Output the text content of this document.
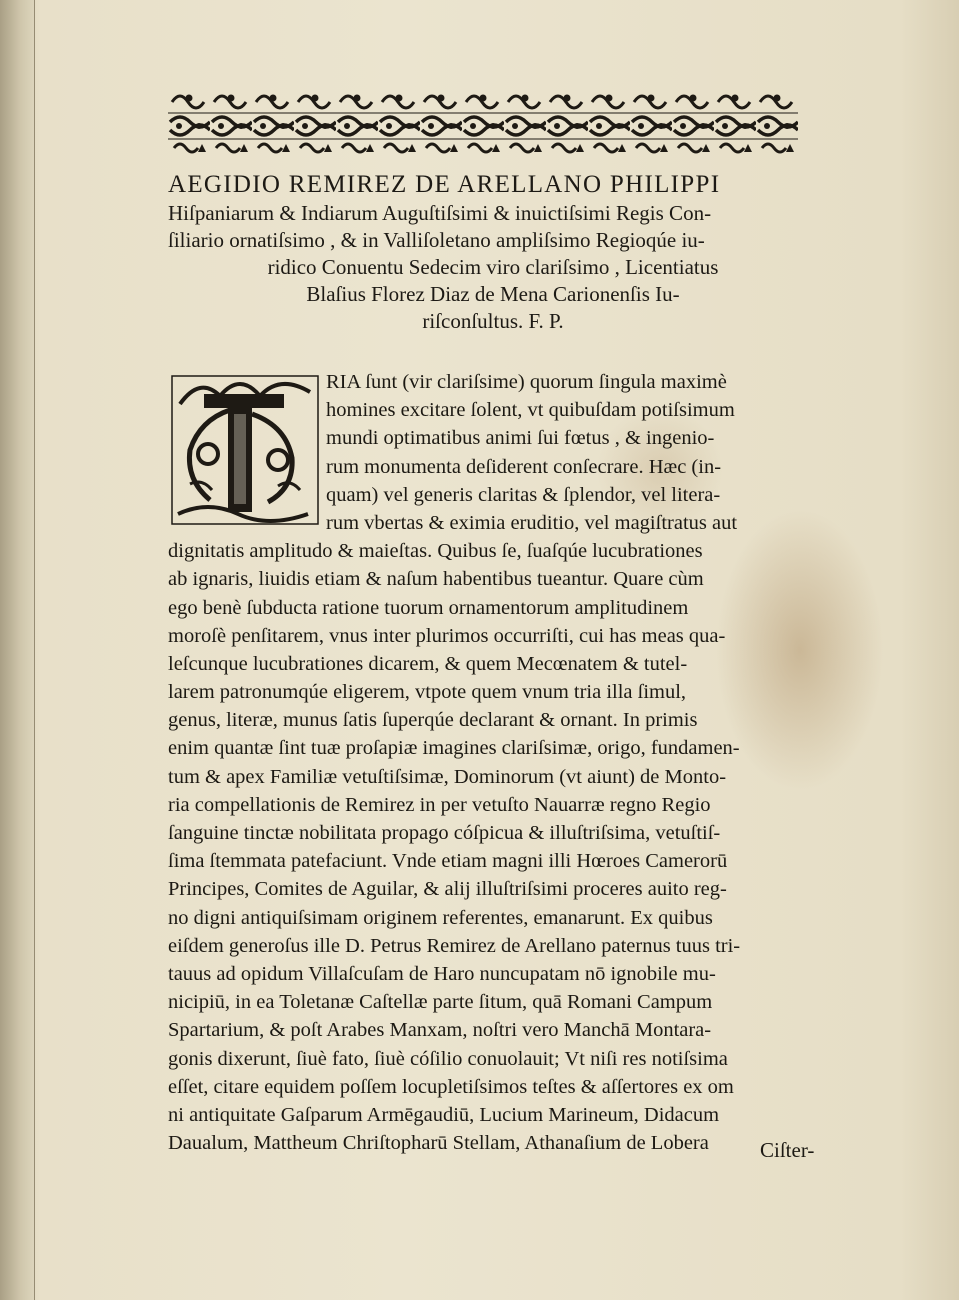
AEGIDIO REMIREZ DE ARELLANO PHILIPPI
Hiſpaniarum & Indiarum Auguſtiſsimi & inuictiſsimi Regis Con-
ſiliario ornatiſsimo , & in Valliſoletano ampliſsimo Regioqúe iu-
ridico Conuentu Sedecim viro clariſsimo , Licentiatus
Blaſius Florez Diaz de Mena Carionenſis Iu-
riſconſultus. F. P.
RIA ſunt (vir clariſsime) quorum ſingula maximè
homines excitare ſolent, vt quibuſdam potiſsimum
mundi optimatibus animi ſui fœtus , & ingenio-
rum monumenta deſiderent conſecrare. Hæc (in-
quam) vel generis claritas & ſplendor, vel litera-
rum vbertas & eximia eruditio, vel magiſtratus aut
dignitatis amplitudo & maieſtas. Quibus ſe, ſuaſqúe lucubrationes
ab ignaris, liuidis etiam & naſum habentibus tueantur. Quare cùm
ego benè ſubducta ratione tuorum ornamentorum amplitudinem
moroſè penſitarem, vnus inter plurimos occurriſti, cui has meas qua-
leſcunque lucubrationes dicarem, & quem Mecœnatem & tutel-
larem patronumqúe eligerem, vtpote quem vnum tria illa ſimul,
genus, literæ, munus ſatis ſuperqúe declarant & ornant. In primis
enim quantæ ſint tuæ proſapiæ imagines clariſsimæ, origo, fundamen-
tum & apex Familiæ vetuſtiſsimæ, Dominorum (vt aiunt) de Monto-
ria compellationis de Remirez in per vetuſto Nauarræ regno Regio
ſanguine tinctæ nobilitata propago cóſpicua & illuſtriſsima, vetuſtiſ-
ſima ſtemmata patefaciunt. Vnde etiam magni illi Hœroes Camerorū
Principes, Comites de Aguilar, & alij illuſtriſsimi proceres auito reg-
no digni antiquiſsimam originem referentes, emanarunt. Ex quibus
eiſdem generoſus ille D. Petrus Remirez de Arellano paternus tuus tri-
tauus ad opidum Villaſcuſam de Haro nuncupatam nō ignobile mu-
nicipiū, in ea Toletanæ Caſtellæ parte ſitum, quā Romani Campum
Spartarium, & poſt Arabes Manxam, noſtri vero Manchā Montara-
gonis dixerunt, ſiuè fato, ſiuè cóſilio conuolauit; Vt niſi res notiſsima
eſſet, citare equidem poſſem locupletiſsimos teſtes & aſſertores ex om
ni antiquitate Gaſparum Armēgaudiū, Lucium Marineum, Didacum
Daualum, Mattheum Chriſtopharū Stellam, Athanaſium de Lobera	Ciſter-
